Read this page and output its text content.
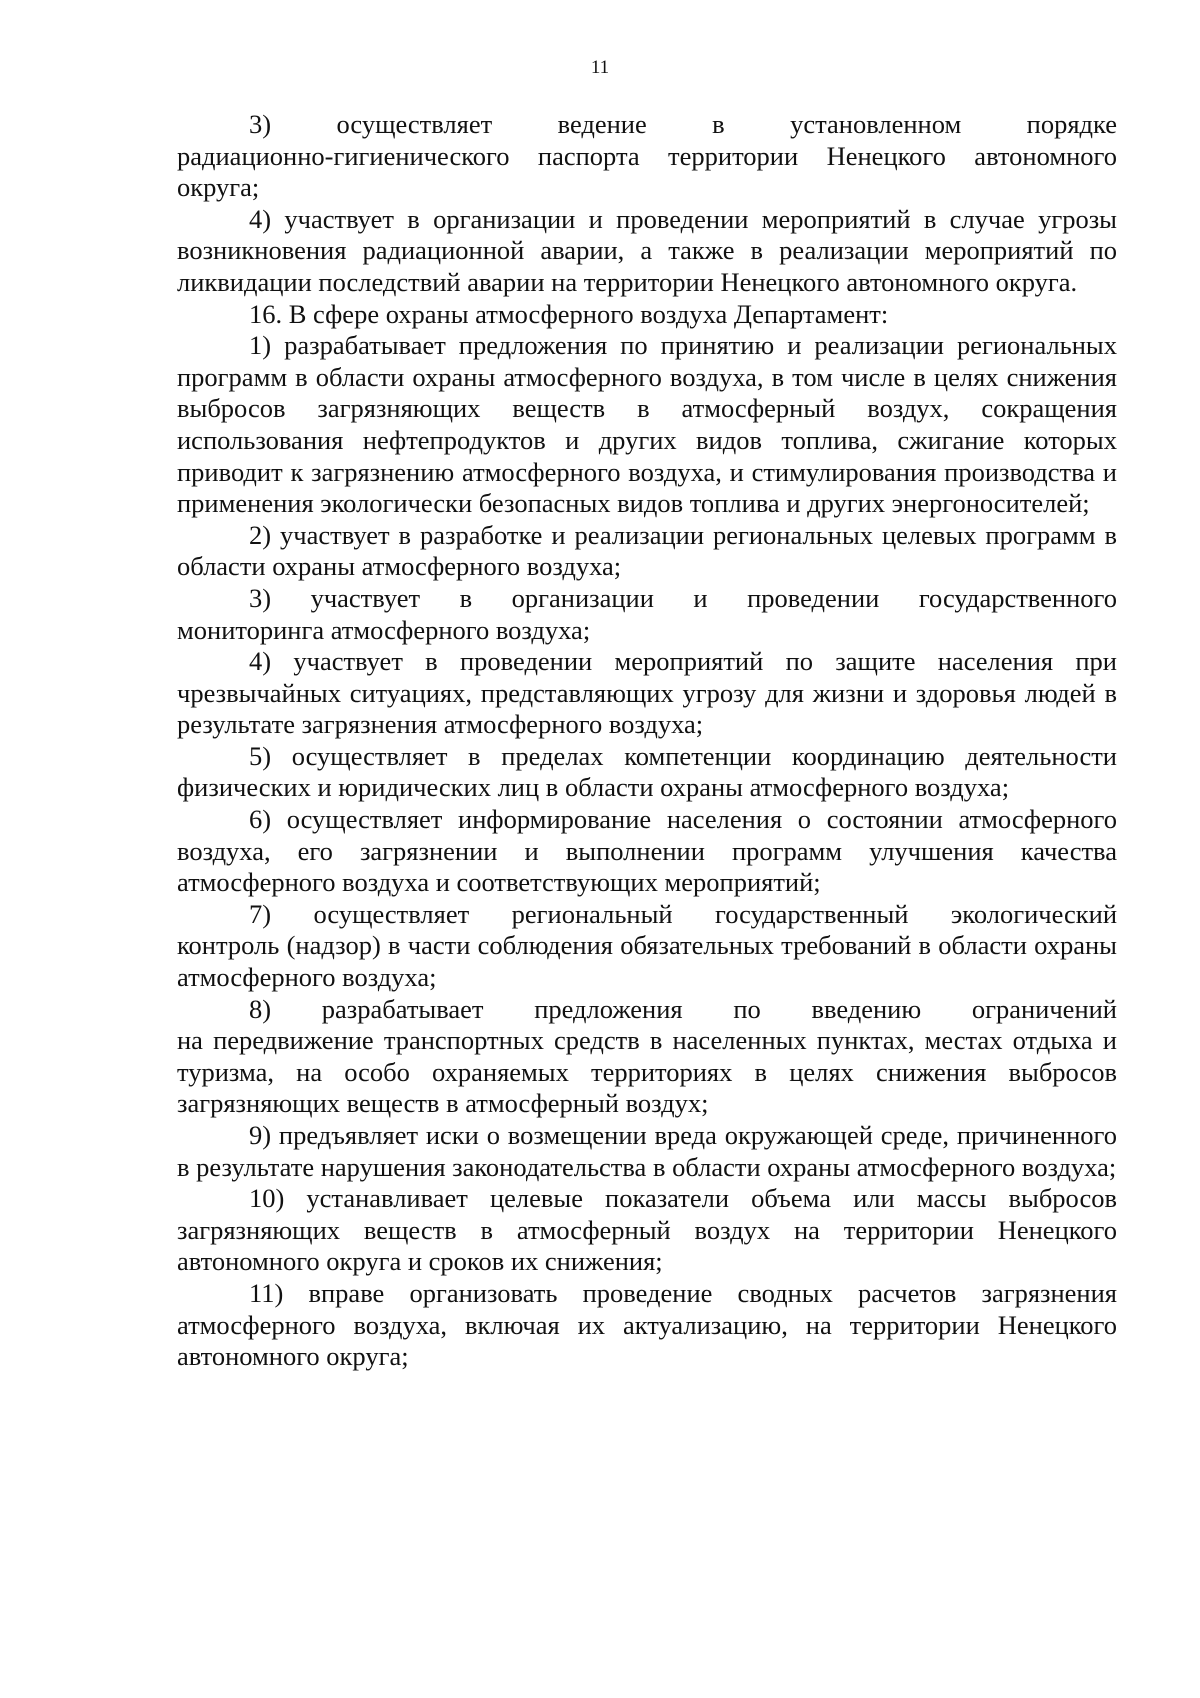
11

3) осуществляет ведение в установленном порядке

радиационно-гигиенического паспорта территории Ненецкого автономного округа;

4) участвует в организации и проведении мероприятий в случае угрозы возникновения радиационной аварии, а также в реализации мероприятий по ликвидации последствий аварии на территории Ненецкого автономного округа.

16. В сфере охраны атмосферного воздуха Департамент:

1) разрабатывает предложения по принятию и реализации региональных программ в области охраны атмосферного воздуха, в том числе в целях снижения выбросов загрязняющих веществ в атмосферный воздух, сокращения использования нефтепродуктов и других видов топлива, сжигание которых приводит к загрязнению атмосферного воздуха, и стимулирования производства и применения экологически безопасных видов топлива и других энергоносителей;

2) участвует в разработке и реализации региональных целевых программ в области охраны атмосферного воздуха;

3) участвует в организации и проведении государственного

мониторинга атмосферного воздуха;

4) участвует в проведении мероприятий по защите населения при чрезвычайных ситуациях, представляющих угрозу для жизни и здоровья людей в результате загрязнения атмосферного воздуха;

5) осуществляет в пределах компетенции координацию деятельности физических и юридических лиц в области охраны атмосферного воздуха;

6) осуществляет информирование населения о состоянии атмосферного воздуха, его загрязнении и выполнении программ улучшения качества атмосферного воздуха и соответствующих мероприятий;

7) осуществляет региональный государственный экологический

контроль (надзор) в части соблюдения обязательных требований в области охраны атмосферного воздуха;

8) разрабатывает предложения по введению ограничений

на передвижение транспортных средств в населенных пунктах, местах отдыха и туризма, на особо охраняемых территориях в целях снижения выбросов загрязняющих веществ в атмосферный воздух;

9) предъявляет иски о возмещении вреда окружающей среде, причиненного в результате нарушения законодательства в области охраны атмосферного воздуха;

10) устанавливает целевые показатели объема или массы выбросов загрязняющих веществ в атмосферный воздух на территории Ненецкого автономного округа и сроков их снижения;

11) вправе организовать проведение сводных расчетов загрязнения атмосферного воздуха, включая их актуализацию, на территории Ненецкого автономного округа;
